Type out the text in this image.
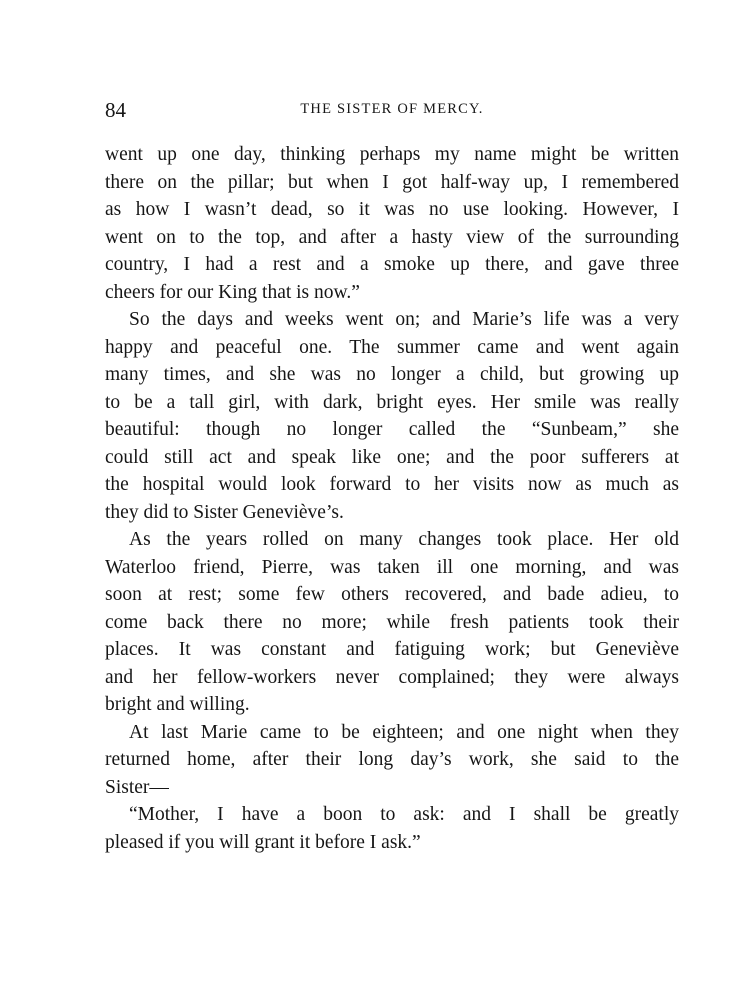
84	THE SISTER OF MERCY.
went up one day, thinking perhaps my name might be written
there on the pillar; but when I got half-way up, I remembered
as how I wasn’t dead, so it was no use looking. However, I
went on to the top, and after a hasty view of the surrounding
country, I had a rest and a smoke up there, and gave three
cheers for our King that is now.”
So the days and weeks went on; and Marie’s life was a very
happy and peaceful one. The summer came and went again
many times, and she was no longer a child, but growing up
to be a tall girl, with dark, bright eyes. Her smile was really
beautiful: though no longer called the “Sunbeam,” she
could still act and speak like one; and the poor sufferers at
the hospital would look forward to her visits now as much as
they did to Sister Geneviève’s.
As the years rolled on many changes took place. Her old
Waterloo friend, Pierre, was taken ill one morning, and was
soon at rest; some few others recovered, and bade adieu, to
come back there no more; while fresh patients took their
places. It was constant and fatiguing work; but Geneviève
and her fellow-workers never complained; they were always
bright and willing.
At last Marie came to be eighteen; and one night when they
returned home, after their long day’s work, she said to the
Sister—
“Mother, I have a boon to ask: and I shall be greatly
pleased if you will grant it before I ask.”
